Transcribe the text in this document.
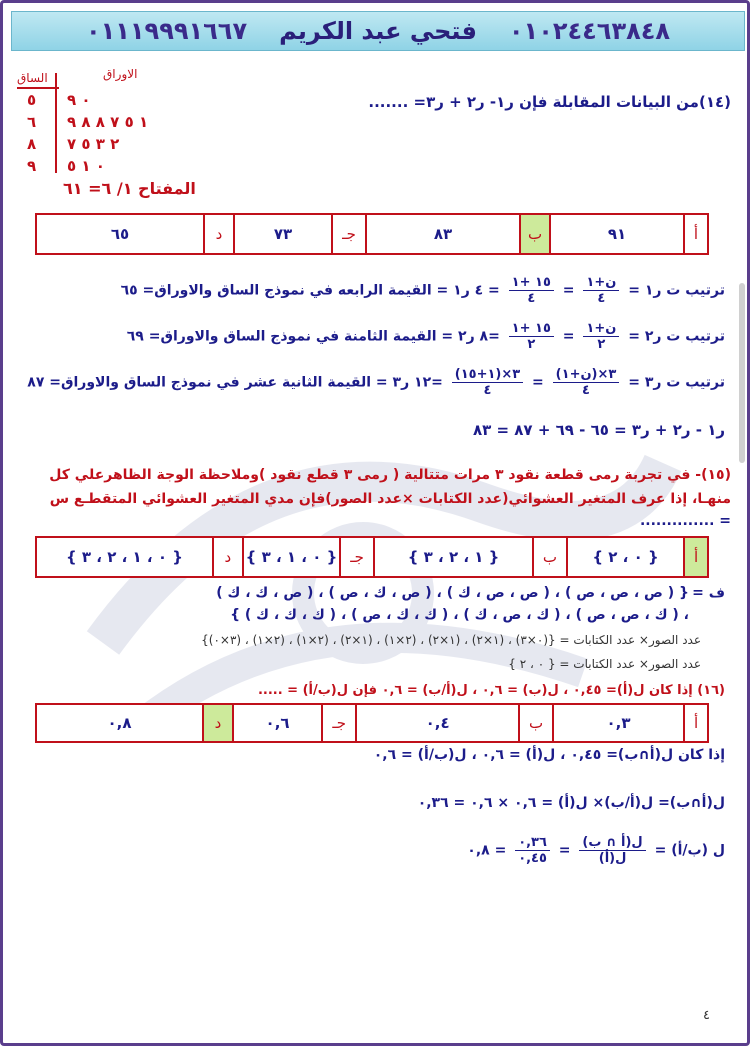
٠١١١٩٩٩١٦٦٧ فتحي عبد الكريم ٠١٠٢٤٤٦٣٨٤٨
الاوراق
الساق
٥ ٠ ٩
٦ ١ ٥ ٧ ٨ ٨ ٩
٨ ٢ ٣ ٥ ٧
٩ ٠ ١ ٥
المفتاح ١/ ٦= ٦١
(١٤)من البيانات المقابلة فإن ر١- ر٢ + ر٣= .......
أ
٩١
ب
٨٣
جـ
٧٣
د
٦٥
ترتيب ت ر١ =
$\frac{\text{ن+١}}{٤}$
=
$\frac{١٥ +١}{٤}$
= ٤ ر١ = القيمة الرابعه في نموذج الساق والاوراق= ٦٥
ترتيب ت ر٢ =
$\frac{\text{ن+١}}{٢}$
=
$\frac{١٥ +١}{٢}$
=٨ ر٢ = القيمة الثامنة في نموذج الساق والاوراق= ٦٩
ترتيب ت ر٣ =
$\frac{\text{٣×(ن+١)}}{٤}$
=
$\frac{٣\times(١+١٥)}{٤}$
=١٢ ر٣ = القيمة الثانية عشر في نموذج الساق والاوراق= ٨٧
ر١ - ر٢ + ر٣ = ٦٥ - ٦٩ + ٨٧ = ٨٣
(١٥)- في تجربة رمى قطعة نقود ٣ مرات متتالية ( رمى ٣ قطع نقود )وملاحظة الوجة الظاهرعلي كل
منهـا، إذا عرف المتغير العشوائي(عدد الكتابات ×عدد الصور)فإن مدي المتغير العشوائي المتقطـع س
= ..............
أ
{ ٠ ، ٢ }
ب
{ ١ ، ٢ ، ٣ }
جـ
{ ٠ ، ١ ، ٣ }
د
{ ٠ ، ١ ، ٢ ، ٣ }
ف =
{ ( ص ، ص ، ص ) ، ( ص ، ص ، ك ) ، ( ص ، ك ، ص ) ، ( ص ، ك ، ك )
، ( ك ، ص ، ص ) ، ( ك ، ص ، ك ) ، ( ك ، ك ، ص ) ، ( ك ، ك ، ك ) }
عدد الصور× عدد الكتابات = {(٠×٣) ، (١×٢) ، (١×٢) ، (٢×١) ، (١×٢) ، (٢×١) ، (٢×١) ، (٣×٠)}
عدد الصور× عدد الكتابات = { ٠ ، ٢ }
(١٦) إذا كان ل(أ)= ٠,٤٥ ، ل(ب) = ٠,٦ ، ل(أ/ب) = ٠,٦ فإن ل(ب/أ) = .....
أ
٠,٣
ب
٠,٤
جـ
٠,٦
د
٠,٨
إذا كان ل(أ∩ب)= ٠,٤٥ ، ل(أ) = ٠,٦ ، ل(ب/أ) = ٠,٦
ل(أ∩ب)= ل(أ/ب)× ل(أ) = ٠,٦ × ٠,٦ = ٠,٣٦
ل (ب/أ) =
$\frac{\text{ل(أ ∩ ب)}}{\text{ل(أ)}}$
=
$\frac{٠,٣٦}{٠,٤٥}$
= ٠,٨
٤
